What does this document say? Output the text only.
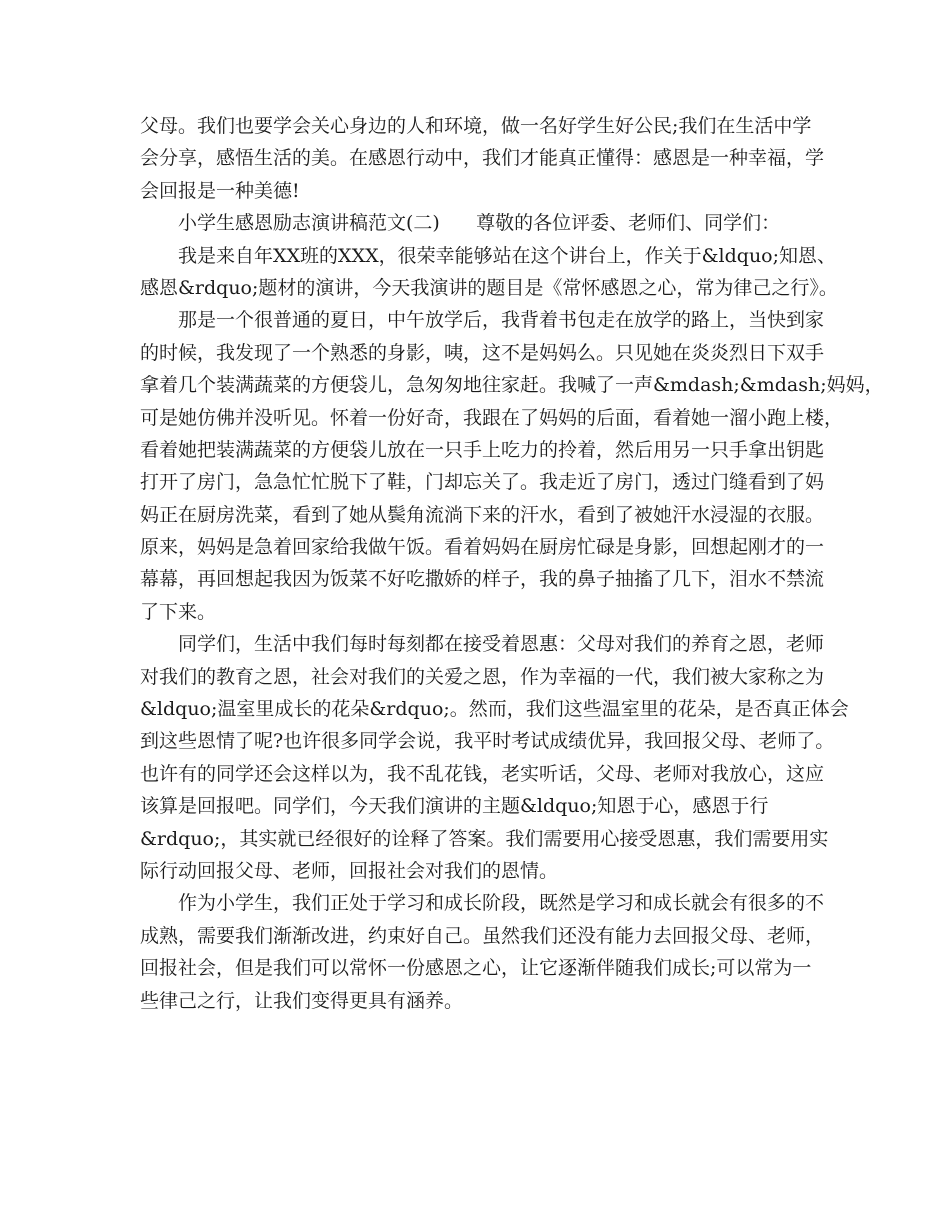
父母。我们也要学会关心身边的人和环境，做一名好学生好公民;我们在生活中学
会分享，感悟生活的美。在感恩行动中，我们才能真正懂得：感恩是一种幸福，学
会回报是一种美德!
小学生感恩励志演讲稿范文(二)      尊敬的各位评委、老师们、同学们：
我是来自年XX班的XXX，很荣幸能够站在这个讲台上，作关于&ldquo;知恩、
感恩&rdquo;题材的演讲，今天我演讲的题目是《常怀感恩之心，常为律己之行》。
那是一个很普通的夏日，中午放学后，我背着书包走在放学的路上，当快到家
的时候，我发现了一个熟悉的身影，咦，这不是妈妈么。只见她在炎炎烈日下双手
拿着几个装满蔬菜的方便袋儿，急匆匆地往家赶。我喊了一声&mdash;&mdash;妈妈，
可是她仿佛并没听见。怀着一份好奇，我跟在了妈妈的后面，看着她一溜小跑上楼，
看着她把装满蔬菜的方便袋儿放在一只手上吃力的拎着，然后用另一只手拿出钥匙
打开了房门，急急忙忙脱下了鞋，门却忘关了。我走近了房门，透过门缝看到了妈
妈正在厨房洗菜，看到了她从鬓角流淌下来的汗水，看到了被她汗水浸湿的衣服。
原来，妈妈是急着回家给我做午饭。看着妈妈在厨房忙碌是身影，回想起刚才的一
幕幕，再回想起我因为饭菜不好吃撒娇的样子，我的鼻子抽搐了几下，泪水不禁流
了下来。
同学们，生活中我们每时每刻都在接受着恩惠：父母对我们的养育之恩，老师
对我们的教育之恩，社会对我们的关爱之恩，作为幸福的一代，我们被大家称之为
&ldquo;温室里成长的花朵&rdquo;。然而，我们这些温室里的花朵，是否真正体会
到这些恩情了呢?也许很多同学会说，我平时考试成绩优异，我回报父母、老师了。
也许有的同学还会这样以为，我不乱花钱，老实听话，父母、老师对我放心，这应
该算是回报吧。同学们，今天我们演讲的主题&ldquo;知恩于心，感恩于行
&rdquo;，其实就已经很好的诠释了答案。我们需要用心接受恩惠，我们需要用实
际行动回报父母、老师，回报社会对我们的恩情。
作为小学生，我们正处于学习和成长阶段，既然是学习和成长就会有很多的不
成熟，需要我们渐渐改进，约束好自己。虽然我们还没有能力去回报父母、老师，
回报社会，但是我们可以常怀一份感恩之心，让它逐渐伴随我们成长;可以常为一
些律己之行，让我们变得更具有涵养。
